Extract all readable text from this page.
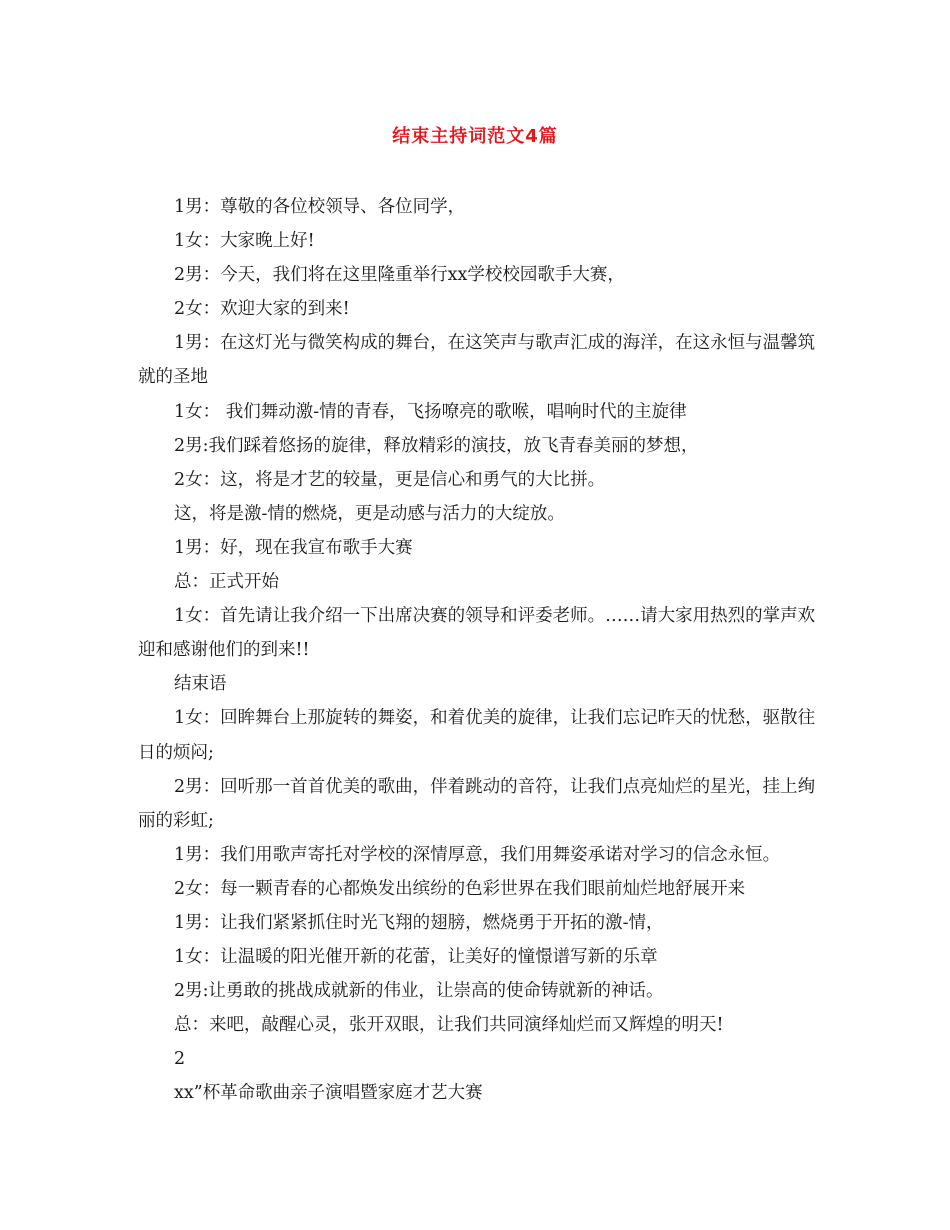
结束主持词范文4篇

1男：尊敬的各位校领导、各位同学，

1女：大家晚上好!

2男：今天，我们将在这里隆重举行xx学校校园歌手大赛，

2女：欢迎大家的到来!

1男：在这灯光与微笑构成的舞台，在这笑声与歌声汇成的海洋，在这永恒与温馨筑就的圣地

1女： 我们舞动激-情的青春，飞扬嘹亮的歌喉，唱响时代的主旋律

2男:我们踩着悠扬的旋律，释放精彩的演技，放飞青春美丽的梦想，

2女：这，将是才艺的较量，更是信心和勇气的大比拼。

这，将是激-情的燃烧，更是动感与活力的大绽放。

1男：好，现在我宣布歌手大赛

总：正式开始

1女：首先请让我介绍一下出席决赛的领导和评委老师。……请大家用热烈的掌声欢迎和感谢他们的到来!!

结束语

1女：回眸舞台上那旋转的舞姿，和着优美的旋律，让我们忘记昨天的忧愁，驱散往日的烦闷;

2男：回听那一首首优美的歌曲，伴着跳动的音符，让我们点亮灿烂的星光，挂上绚丽的彩虹;

1男：我们用歌声寄托对学校的深情厚意，我们用舞姿承诺对学习的信念永恒。

2女：每一颗青春的心都焕发出缤纷的色彩世界在我们眼前灿烂地舒展开来

1男：让我们紧紧抓住时光飞翔的翅膀，燃烧勇于开拓的激-情，

1女：让温暖的阳光催开新的花蕾，让美好的憧憬谱写新的乐章

2男:让勇敢的挑战成就新的伟业，让崇高的使命铸就新的神话。

总：来吧，敲醒心灵，张开双眼，让我们共同演绎灿烂而又辉煌的明天!

2

xx”杯革命歌曲亲子演唱暨家庭才艺大赛
